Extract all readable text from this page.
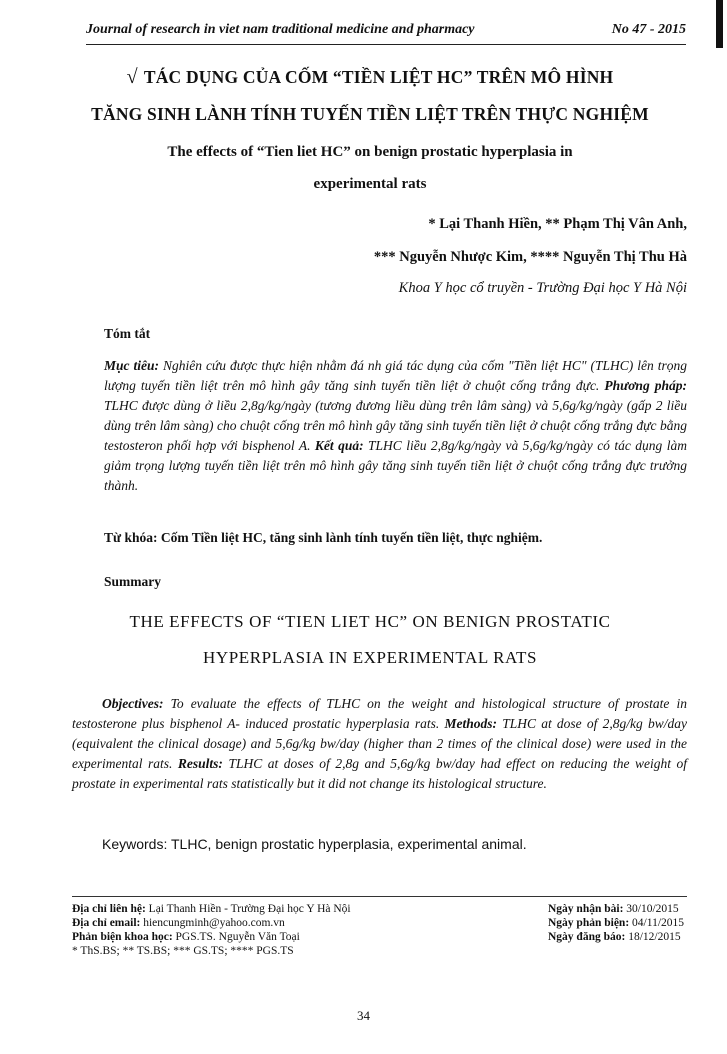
Journal of research in viet nam traditional medicine and pharmacy	No 47 - 2015
√ TÁC DỤNG CỦA CỐM “TIỀN LIỆT HC” TRÊN MÔ HÌNH
TĂNG SINH LÀNH TÍNH TUYẾN TIỀN LIỆT TRÊN THỰC NGHIỆM
The effects of “Tien liet HC” on benign prostatic hyperplasia in
experimental rats
* Lại Thanh Hiền, ** Phạm Thị Vân Anh,
*** Nguyễn Nhược Kim, **** Nguyễn Thị Thu Hà
Khoa Y học cổ truyền - Trường Đại học Y Hà Nội
Tóm tắt
Mục tiêu: Nghiên cứu được thực hiện nhằm đá nh giá tác dụng của cốm "Tiền liệt HC" (TLHC) lên trọng lượng tuyến tiền liệt trên mô hình gây tăng sinh tuyến tiền liệt ở chuột cống trắng đực. Phương pháp: TLHC được dùng ở liều 2,8g/kg/ngày (tương đương liều dùng trên lâm sàng) và 5,6g/kg/ngày (gấp 2 liều dùng trên lâm sàng) cho chuột cống trên mô hình gây tăng sinh tuyến tiền liệt ở chuột cống trắng đực bằng testosteron phối hợp với bisphenol A. Kết quả: TLHC liều 2,8g/kg/ngày và 5,6g/kg/ngày có tác dụng làm giảm trọng lượng tuyến tiền liệt trên mô hình gây tăng sinh tuyến tiền liệt ở chuột cống trắng đực trưởng thành.
Từ khóa: Cốm Tiền liệt HC, tăng sinh lành tính tuyến tiền liệt, thực nghiệm.
Summary
THE EFFECTS OF “TIEN LIET HC” ON BENIGN PROSTATIC
HYPERPLASIA IN EXPERIMENTAL RATS
Objectives: To evaluate the effects of TLHC on the weight and histological structure of prostate in testosterone plus bisphenol A- induced prostatic hyperplasia rats. Methods: TLHC at dose of 2,8g/kg bw/day (equivalent the clinical dosage) and 5,6g/kg bw/day (higher than 2 times of the clinical dose) were used in the experimental rats. Results: TLHC at doses of 2,8g and 5,6g/kg bw/day had effect on reducing the weight of prostate in experimental rats statistically but it did not change its histological structure.
Keywords: TLHC, benign prostatic hyperplasia, experimental animal.
Địa chỉ liên hệ: Lại Thanh Hiền - Trường Đại học Y Hà Nội
Địa chỉ email: hiencungminh@yahoo.com.vn
Phản biện khoa học: PGS.TS. Nguyễn Văn Toại
* ThS.BS; ** TS.BS; *** GS.TS; **** PGS.TS
Ngày nhận bài: 30/10/2015
Ngày phản biện: 04/11/2015
Ngày đăng báo: 18/12/2015
34
